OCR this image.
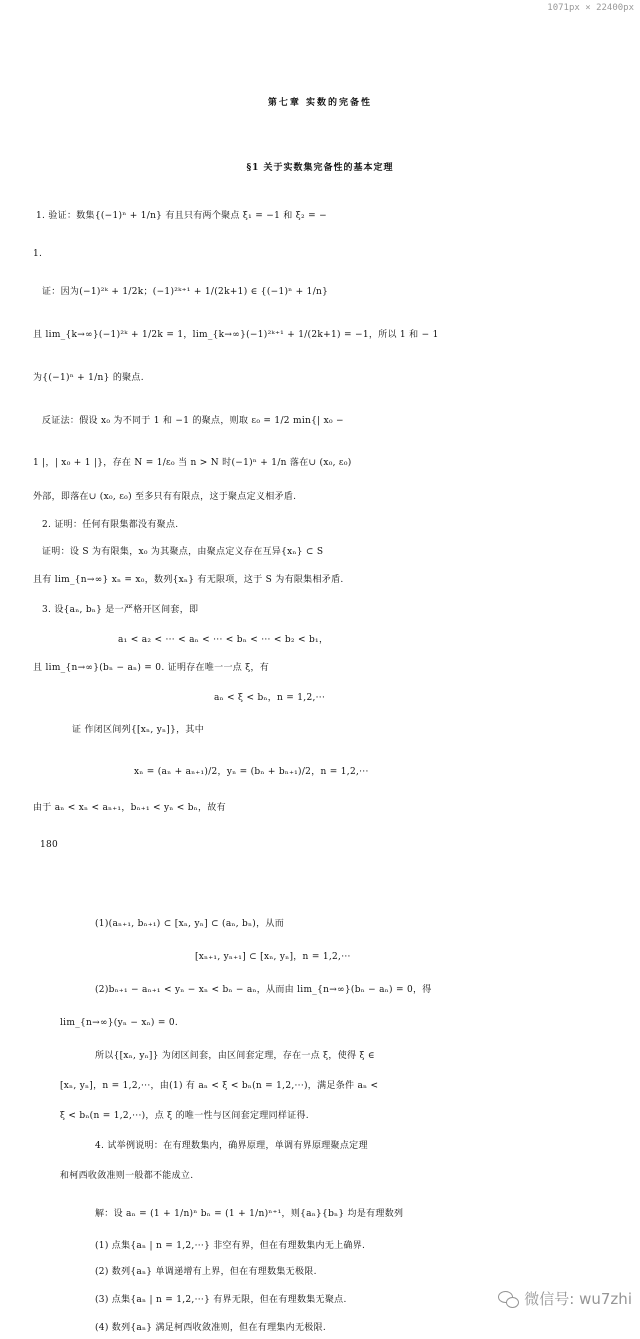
1071px × 22400px
第七章 实数的完备性
§1 关于实数集完备性的基本定理
1. 验证：数集{(−1)ⁿ + 1/n} 有且只有两个聚点 ξ₁ = −1 和 ξ₂ = −
1.
证：因为(−1)²ᵏ + 1/2k；(−1)²ᵏ⁺¹ + 1/(2k+1) ∈ {(−1)ⁿ + 1/n}
且 lim_{k→∞}(−1)²ᵏ + 1/2k = 1，lim_{k→∞}(−1)²ᵏ⁺¹ + 1/(2k+1) = −1，所以 1 和 − 1
为{(−1)ⁿ + 1/n} 的聚点.
反证法：假设 x₀ 为不同于 1 和 −1 的聚点，则取 ε₀ = 1/2 min{| x₀ −
1 |，| x₀ + 1 |}，存在 N = 1/ε₀ 当 n > N 时(−1)ⁿ + 1/n 落在∪ (x₀, ε₀)
外部，即落在∪ (x₀, ε₀) 至多只有有限点，这于聚点定义相矛盾.
2. 证明：任何有限集都没有聚点.
证明：设 S 为有限集，x₀ 为其聚点，由聚点定义存在互异{xₙ} ⊂ S
且有 lim_{n→∞} xₙ = x₀，数列{xₙ} 有无限项，这于 S 为有限集相矛盾.
3. 设{aₙ, bₙ} 是一严格开区间套，即
a₁ < a₂ < ··· < aₙ < ··· < bₙ < ··· < b₂ < b₁，
且 lim_{n→∞}(bₙ − aₙ) = 0. 证明存在唯一一点 ξ，有
aₙ < ξ < bₙ，n = 1,2,···
证 作闭区间列{[xₙ, yₙ]}，其中
xₙ = (aₙ + aₙ₊₁)/2，yₙ = (bₙ + bₙ₊₁)/2，n = 1,2,···
由于 aₙ < xₙ < aₙ₊₁，bₙ₊₁ < yₙ < bₙ，故有
180
(1)(aₙ₊₁, bₙ₊₁) ⊂ [xₙ, yₙ] ⊂ (aₙ, bₙ)，从而
[xₙ₊₁, yₙ₊₁] ⊂ [xₙ, yₙ]，n = 1,2,···
(2)bₙ₊₁ − aₙ₊₁ < yₙ − xₙ < bₙ − aₙ，从而由 lim_{n→∞}(bₙ − aₙ) = 0，得
lim_{n→∞}(yₙ − xₙ) = 0.
所以{[xₙ, yₙ]} 为闭区间套，由区间套定理，存在一点 ξ，使得 ξ ∈
[xₙ, yₙ]，n = 1,2,···，由(1) 有 aₙ < ξ < bₙ(n = 1,2,···)，满足条件 aₙ <
ξ < bₙ(n = 1,2,···)，点 ξ 的唯一性与区间套定理同样证得.
4. 试举例说明：在有理数集内，确界原理，单调有界原理聚点定理
和柯西收敛准则一般都不能成立.
解：设 aₙ = (1 + 1/n)ⁿ bₙ = (1 + 1/n)ⁿ⁺¹，则{aₙ}{bₙ} 均是有理数列
(1) 点集{aₙ | n = 1,2,···} 非空有界，但在有理数集内无上确界.
(2) 数列{aₙ} 单调递增有上界，但在有理数集无极限.
(3) 点集{aₙ | n = 1,2,···} 有界无限，但在有理数集无聚点.
(4) 数列{aₙ} 满足柯西收敛准则，但在有理集内无极限.
微信号: wu7zhi
